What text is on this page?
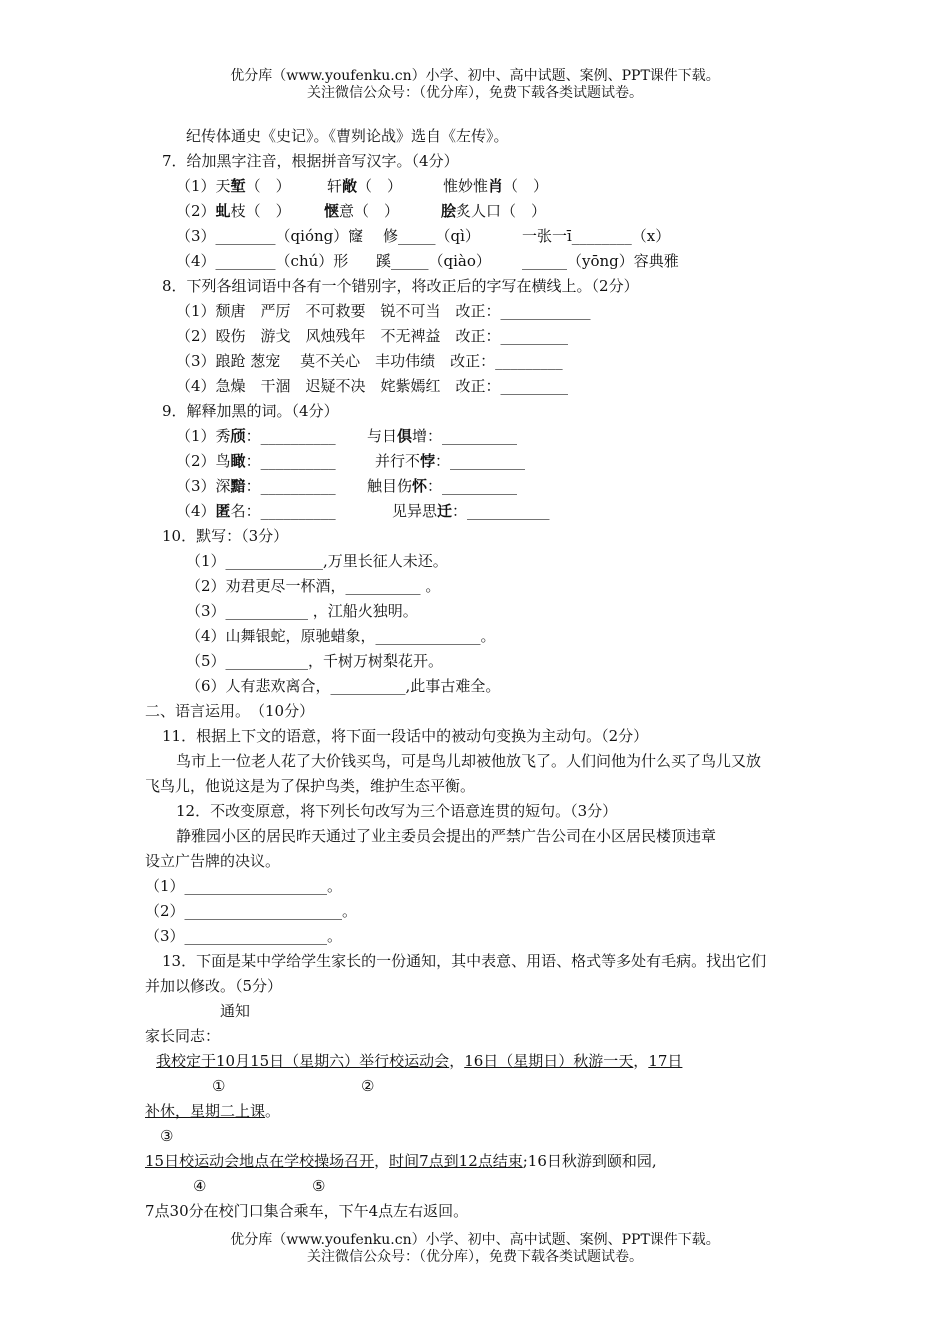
优分库（www.youfenku.cn）小学、初中、高中试题、案例、PPT课件下载。
关注微信公众号：（优分库），免费下载各类试题试卷。
纪传体通史《史记》。《曹刿论战》选自《左传》。
7．给加黑字注音，根据拼音写汉字。（4分）
（1）天堑（　） 轩敞（　）	惟妙惟肖（　）
（2）虬枝（　） 惬意（　）	脍炙人口（　）
（3）________（qióng）窿 修_____（qì）	一张一ī________（x）
（4）________（chú）形 蹊_____（qiào） ______（yōng）容典雅
8．下列各组词语中各有一个错别字，将改正后的字写在横线上。（2分）
（1）颓唐　严厉　不可救要　锐不可当　改正：____________
（2）殴伤　游戈　风烛残年　不无裨益　改正：_________
（3）踉跄 葱宠　 莫不关心　丰功伟绩　改正：_________
（4）急燥　干涸　迟疑不决　姹紫嫣红　改正：_________
9．解释加黑的词。（4分）
（1）秀颀：__________ 与日俱增：__________
（2）鸟瞰：__________	并行不悖：__________
（3）深黯：__________ 触目伤怀：__________
（4）匿名：__________	见异思迁：___________
10．默写：（3分）
（1）_____________,万里长征人未还。
（2）劝君更尽一杯酒，__________ 。
（3）___________ ，江船火独明。
（4）山舞银蛇，原驰蜡象，______________。
（5）___________，千树万树梨花开。
（6）人有悲欢离合，__________,此事古难全。
二、语言运用。　（10分）
11．根据上下文的语意，将下面一段话中的被动句变换为主动句。（2分）
鸟市上一位老人花了大价钱买鸟，可是鸟儿却被他放飞了。人们问他为什么买了鸟儿又放
飞鸟儿，他说这是为了保护鸟类，维护生态平衡。
12．不改变原意，将下列长句改写为三个语意连贯的短句。（3分）
静雅园小区的居民昨天通过了业主委员会提出的严禁广告公司在小区居民楼顶违章
设立广告牌的决议。
（1）___________________。
（2）_____________________。
（3）___________________。
13．下面是某中学给学生家长的一份通知，其中表意、用语、格式等多处有毛病。找出它们
并加以修改。（5分）
通知
家长同志：
我校定于10月15日（星期六）举行校运动会，16日（星期日）秋游一天，17日
①	②
补休，星期二上课。
③
15日校运动会地点在学校操场召开，时间7点到12点结束;16日秋游到颐和园,
④	⑤
7点30分在校门口集合乘车，下午4点左右返回。
优分库（www.youfenku.cn）小学、初中、高中试题、案例、PPT课件下载。
关注微信公众号：（优分库），免费下载各类试题试卷。
